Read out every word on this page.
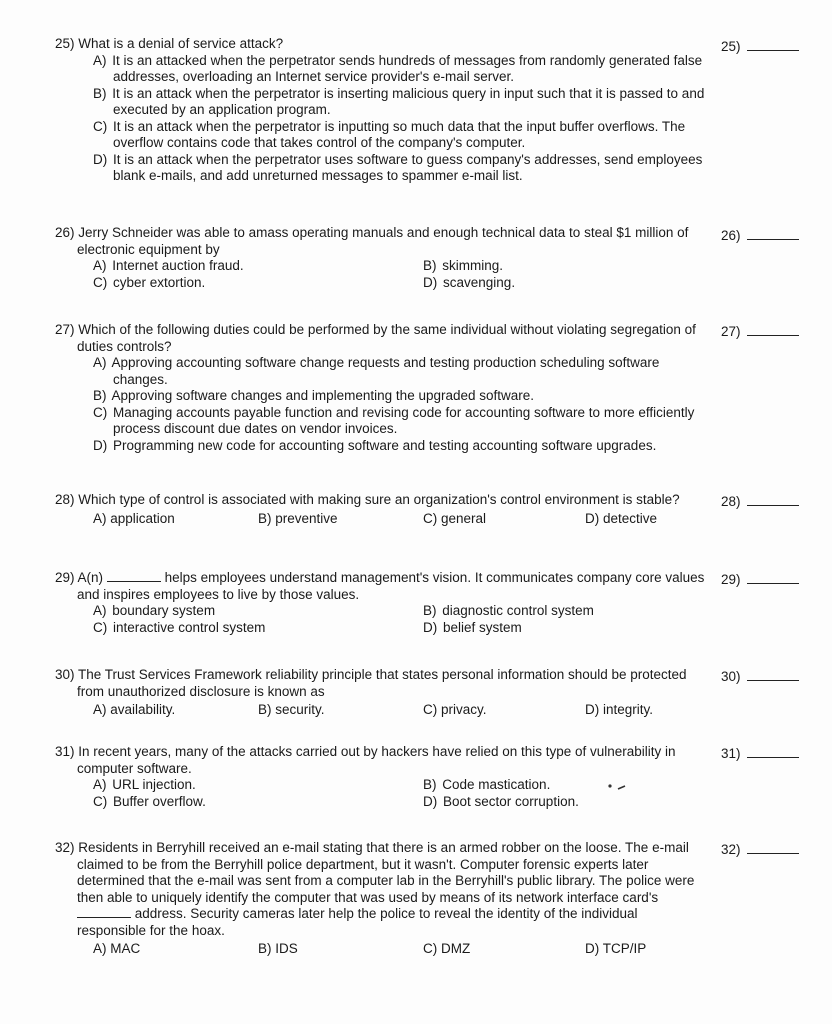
25) What is a denial of service attack?
A) It is an attacked when the perpetrator sends hundreds of messages from randomly generated false addresses, overloading an Internet service provider's e-mail server.
B) It is an attack when the perpetrator is inserting malicious query in input such that it is passed to and executed by an application program.
C) It is an attack when the perpetrator is inputting so much data that the input buffer overflows. The overflow contains code that takes control of the company's computer.
D) It is an attack when the perpetrator uses software to guess company's addresses, send employees blank e-mails, and add unreturned messages to spammer e-mail list.
25)
26) Jerry Schneider was able to amass operating manuals and enough technical data to steal $1 million of electronic equipment by
A) Internet auction fraud.	B) skimming.
C) cyber extortion.	D) scavenging.
26)
27) Which of the following duties could be performed by the same individual without violating segregation of duties controls?
A) Approving accounting software change requests and testing production scheduling software changes.
B) Approving software changes and implementing the upgraded software.
C) Managing accounts payable function and revising code for accounting software to more efficiently process discount due dates on vendor invoices.
D) Programming new code for accounting software and testing accounting software upgrades.
27)
28) Which type of control is associated with making sure an organization's control environment is stable?
A) application	B) preventive	C) general	D) detective
28)
29) A(n)	helps employees understand management's vision. It communicates company core values and inspires employees to live by those values.
A) boundary system	B) diagnostic control system
C) interactive control system	D) belief system
29)
30) The Trust Services Framework reliability principle that states personal information should be protected from unauthorized disclosure is known as
A) availability.	B) security.	C) privacy.	D) integrity.
30)
31) In recent years, many of the attacks carried out by hackers have relied on this type of vulnerability in computer software.
A) URL injection.	B) Code mastication.
C) Buffer overflow.	D) Boot sector corruption.
31)
32) Residents in Berryhill received an e-mail stating that there is an armed robber on the loose. The e-mail claimed to be from the Berryhill police department, but it wasn't. Computer forensic experts later determined that the e-mail was sent from a computer lab in the Berryhill's public library. The police were then able to uniquely identify the computer that was used by means of its network interface card's address. Security cameras later help the police to reveal the identity of the individual responsible for the hoax.
A) MAC	B) IDS	C) DMZ	D) TCP/IP
32)
